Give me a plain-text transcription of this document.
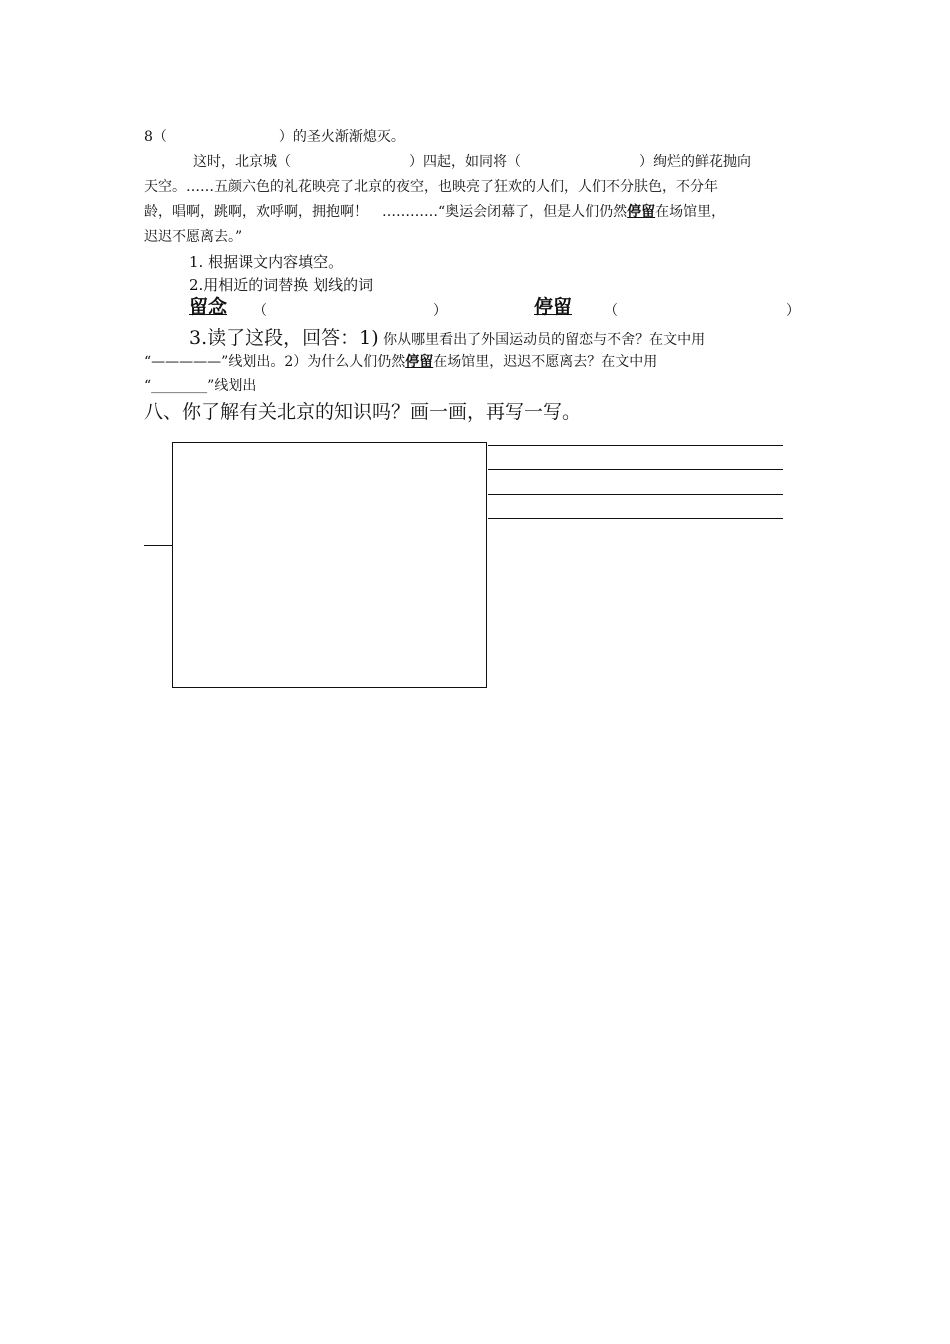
8（	）的圣火渐渐熄灭。
这时，北京城（	）四起，如同将（	）绚烂的鲜花抛向
天空。……五颜六色的礼花映亮了北京的夜空，也映亮了狂欢的人们，人们不分肤色，不分年
龄，唱啊，跳啊，欢呼啊，拥抱啊！　…………“奥运会闭幕了，但是人们仍然停留在场馆里，
迟迟不愿离去。”
1. 根据课文内容填空。
2.用相近的词替换 划线的词
留念 （	）	停留 （	）
3.读了这段，回答：1) 你从哪里看出了外国运动员的留恋与不舍？在文中用
“—————”线划出。2）为什么人们仍然停留在场馆里，迟迟不愿离去？在文中用
“________”线划出
八、你了解有关北京的知识吗？画一画，再写一写。
